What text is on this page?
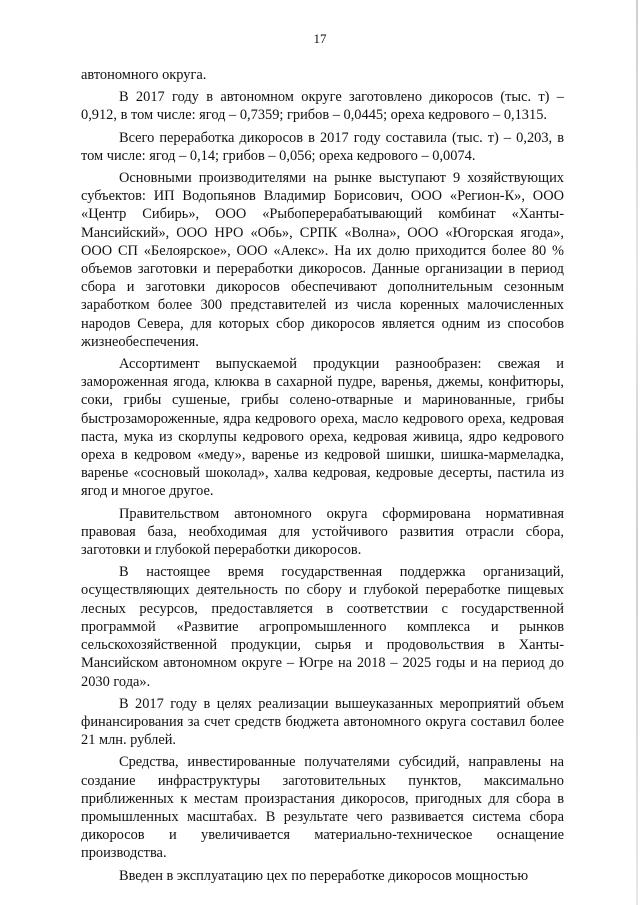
17

автономного округа.

В 2017 году в автономном округе заготовлено дикоросов (тыс. т) – 0,912, в том числе: ягод – 0,7359; грибов – 0,0445; ореха кедрового – 0,1315.

Всего переработка дикоросов в 2017 году составила (тыс. т) – 0,203, в том числе: ягод – 0,14; грибов – 0,056; ореха кедрового – 0,0074.

Основными производителями на рынке выступают 9 хозяйствующих субъектов: ИП Водопьянов Владимир Борисович, ООО «Регион-К», ООО «Центр Сибирь», ООО «Рыбоперерабатывающий комбинат «Ханты-Мансийский», ООО НРО «Обь», СРПК «Волна», ООО «Югорская ягода», ООО СП «Белоярское», ООО «Алекс». На их долю приходится более 80 % объемов заготовки и переработки дикоросов. Данные организации в период сбора и заготовки дикоросов обеспечивают дополнительным сезонным заработком более 300 представителей из числа коренных малочисленных народов Севера, для которых сбор дикоросов является одним из способов жизнеобеспечения.

Ассортимент выпускаемой продукции разнообразен: свежая и замороженная ягода, клюква в сахарной пудре, варенья, джемы, конфитюры, соки, грибы сушеные, грибы солено-отварные и маринованные, грибы быстрозамороженные, ядра кедрового ореха, масло кедрового ореха, кедровая паста, мука из скорлупы кедрового ореха, кедровая живица, ядро кедрового ореха в кедровом «меду», варенье из кедровой шишки, шишка-мармеладка, варенье «сосновый шоколад», халва кедровая, кедровые десерты, пастила из ягод и многое другое.

Правительством автономного округа сформирована нормативная правовая база, необходимая для устойчивого развития отрасли сбора, заготовки и глубокой переработки дикоросов.

В настоящее время государственная поддержка организаций, осуществляющих деятельность по сбору и глубокой переработке пищевых лесных ресурсов, предоставляется в соответствии с государственной программой «Развитие агропромышленного комплекса и рынков сельскохозяйственной продукции, сырья и продовольствия в Ханты-Мансийском автономном округе – Югре на 2018 – 2025 годы и на период до 2030 года».

В 2017 году в целях реализации вышеуказанных мероприятий объем финансирования за счет средств бюджета автономного округа составил более 21 млн. рублей.

Средства, инвестированные получателями субсидий, направлены на создание инфраструктуры заготовительных пунктов, максимально приближенных к местам произрастания дикоросов, пригодных для сбора в промышленных масштабах. В результате чего развивается система сбора дикоросов и увеличивается материально-техническое оснащение производства.

Введен в эксплуатацию цех по переработке дикоросов мощностью
